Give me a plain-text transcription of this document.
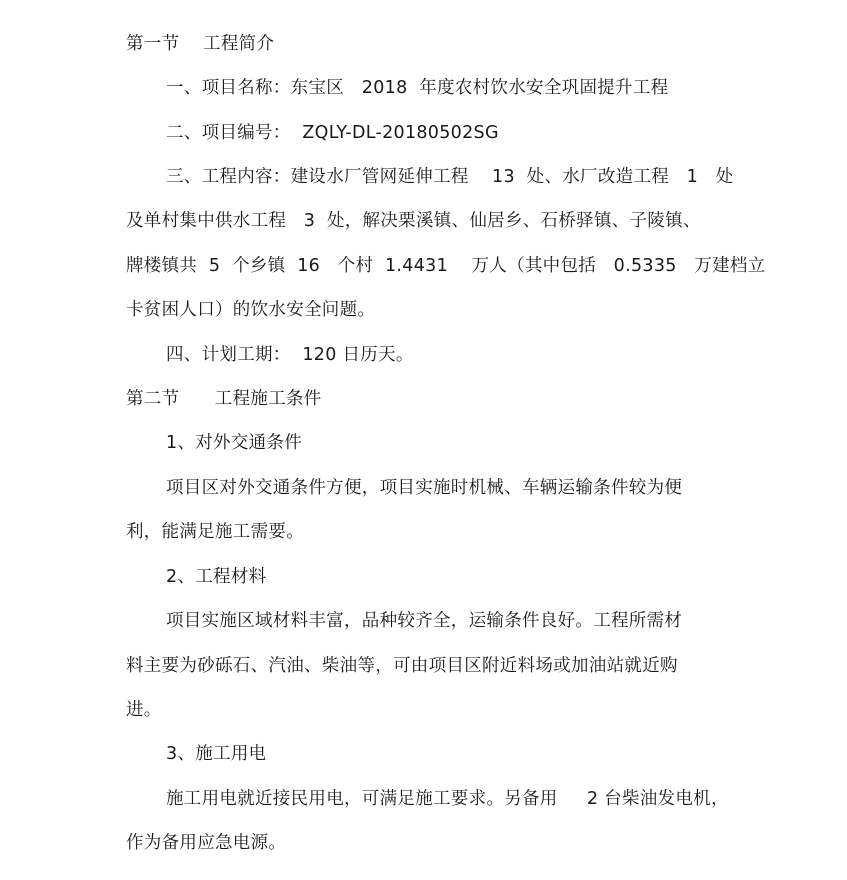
第一节　 工程简介
一、项目名称：东宝区　2018  年度农村饮水安全巩固提升工程
二、项目编号：  ZQLY-DL-20180502SG
三、工程内容：建设水厂管网延伸工程    13  处、水厂改造工程   1   处
及单村集中供水工程   3  处，解决栗溪镇、仙居乡、石桥驿镇、子陵镇、
牌楼镇共  5  个乡镇  16   个村  1.4431    万人（其中包括   0.5335   万建档立
卡贫困人口）的饮水安全问题。
四、计划工期：  120 日历天。
第二节　   工程施工条件
1、对外交通条件
项目区对外交通条件方便，项目实施时机械、车辆运输条件较为便
利，能满足施工需要。
2、工程材料
项目实施区域材料丰富，品种较齐全，运输条件良好。工程所需材
料主要为砂砾石、汽油、柴油等，可由项目区附近料场或加油站就近购
进。
3、施工用电
施工用电就近接民用电，可满足施工要求。另备用     2 台柴油发电机，
作为备用应急电源。
